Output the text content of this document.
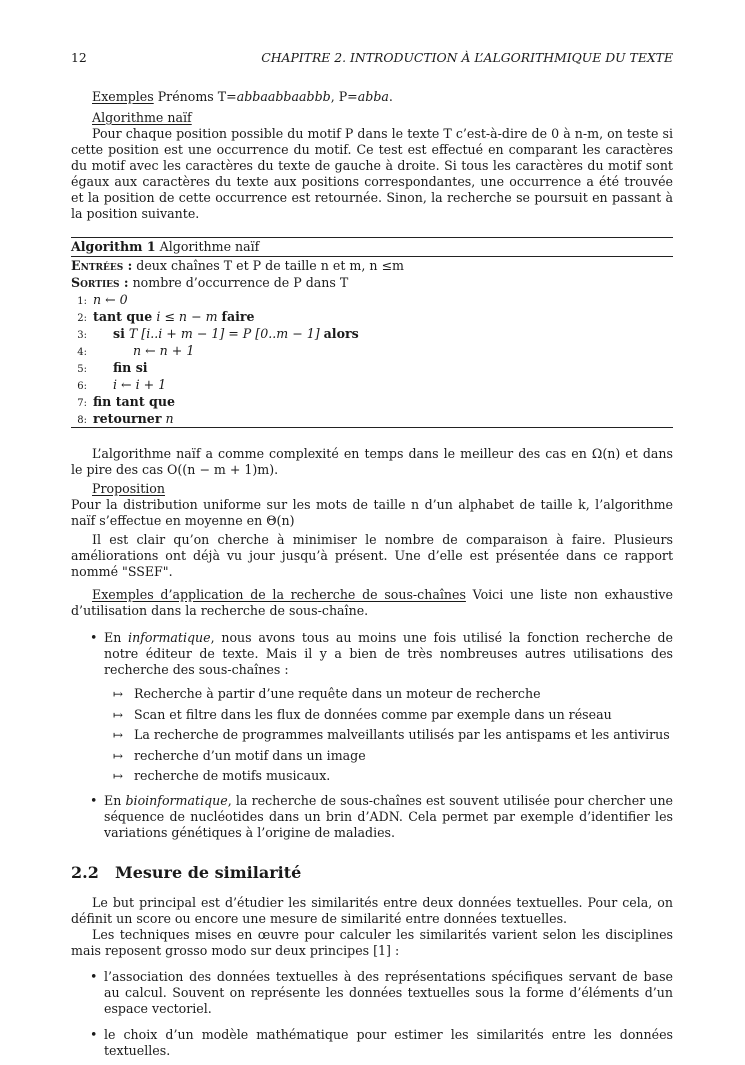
12	CHAPITRE 2. INTRODUCTION À L’ALGORITHMIQUE DU TEXTE

Exemples Prénoms T=abbaabbaabbb, P=abba.

Algorithme naïf

Pour chaque position possible du motif P dans le texte T c’est-à-dire de 0 à n-m, on teste si cette position est une occurrence du motif. Ce test est effectué en comparant les caractères du motif avec les caractères du texte de gauche à droite. Si tous les caractères du motif sont égaux aux caractères du texte aux positions correspondantes, une occurrence a été trouvée et la position de cette occurrence est retournée. Sinon, la recherche se poursuit en passant à la position suivante.

Algorithm 1 Algorithme naïf
Entrées : deux chaînes T et P de taille n et m, n ≤m
Sorties : nombre d’occurrence de P dans T
1: n ← 0
2: tant que i ≤ n − m faire
3: si T [i..i + m − 1] = P [0..m − 1] alors
4:	n ← n + 1
5: fin si
6: i ← i + 1
7: fin tant que
8: retourner n

L’algorithme naïf a comme complexité en temps dans le meilleur des cas en Ω(n) et dans le pire des cas O((n − m + 1)m).

Proposition

Pour la distribution uniforme sur les mots de taille n d’un alphabet de taille k, l’algorithme naïf s’effectue en moyenne en Θ(n)

Il est clair qu’on cherche à minimiser le nombre de comparaison à faire. Plusieurs améliorations ont déjà vu jour jusqu’à présent. Une d’elle est présentée dans ce rapport nommé "SSEF".

Exemples d’application de la recherche de sous-chaînes Voici une liste non exhaustive d’utilisation dans la recherche de sous-chaîne.

• En informatique, nous avons tous au moins une fois utilisé la fonction recherche de notre éditeur de texte. Mais il y a bien de très nombreuses autres utilisations des recherche des sous-chaînes :
↦ Recherche à partir d’une requête dans un moteur de recherche
↦ Scan et filtre dans les flux de données comme par exemple dans un réseau
↦ La recherche de programmes malveillants utilisés par les antispams et les antivirus
↦ recherche d’un motif dans un image
↦ recherche de motifs musicaux.
• En bioinformatique, la recherche de sous-chaînes est souvent utilisée pour chercher une séquence de nucléotides dans un brin d’ADN. Cela permet par exemple d’identifier les variations génétiques à l’origine de maladies.
2.2 Mesure de similarité

Le but principal est d’étudier les similarités entre deux données textuelles. Pour cela, on définit un score ou encore une mesure de similarité entre données textuelles.

Les techniques mises en œuvre pour calculer les similarités varient selon les disciplines mais reposent grosso modo sur deux principes [1] :

• l’association des données textuelles à des représentations spécifiques servant de base au calcul. Souvent on représente les données textuelles sous la forme d’éléments d’un espace vectoriel.
• le choix d’un modèle mathématique pour estimer les similarités entre les données textuelles.
